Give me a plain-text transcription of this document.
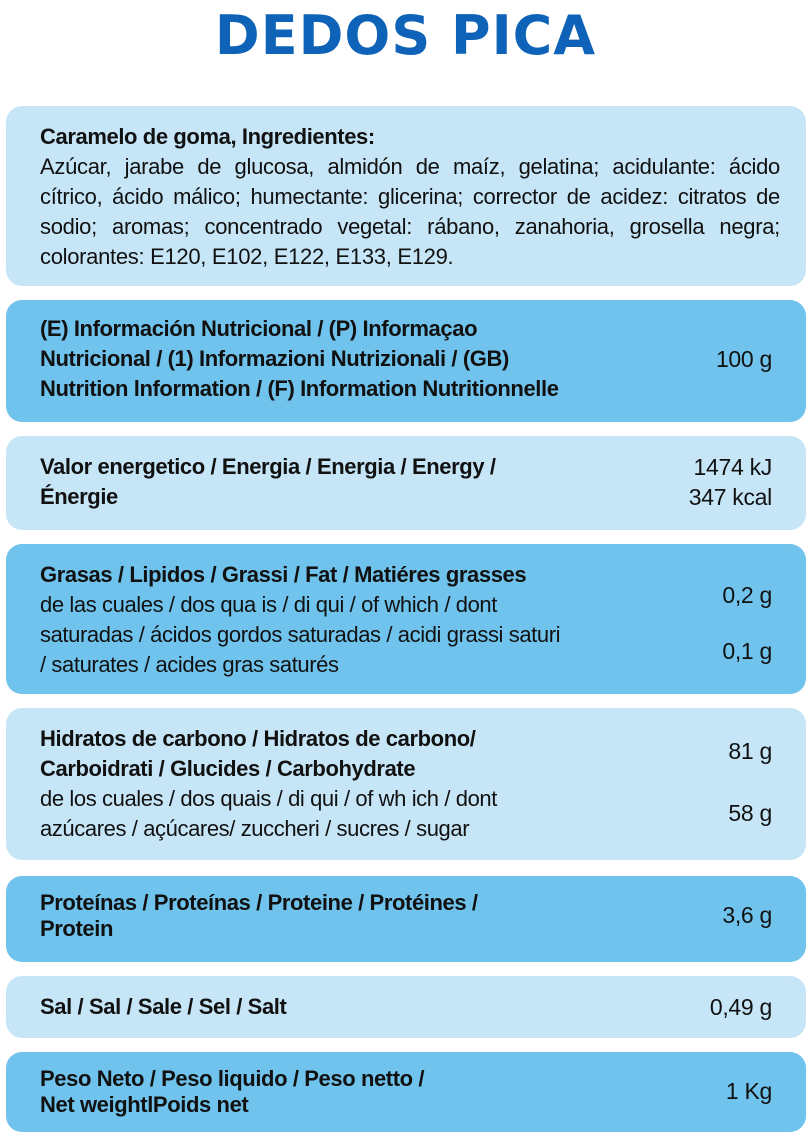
DEDOS PICA
Caramelo de goma, Ingredientes:
Azúcar, jarabe de glucosa, almidón de maíz, gelatina; acidulante: ácido cítrico, ácido málico; humectante: glicerina; corrector de acidez: citratos de sodio; aromas; concentrado vegetal: rábano, zanahoria, grosella negra; colorantes: E120, E102, E122, E133, E129.
(E) Información Nutricional / (P) Informaçao
Nutricional / (1) Informazioni Nutrizionali / (GB)
Nutrition lnformation / (F) Information Nutritionnelle
100 g
Valor energetico / Energia / Energia / Energy /
Énergie
1474 kJ
347 kcal
Grasas / Lipidos / Grassi / Fat / Matiéres grasses
de las cuales / dos qua is / di qui / of which / dont
saturadas / ácidos gordos saturadas / acidi grassi saturi
/ saturates / acides gras saturés
0,2 g
0,1 g
Hidratos de carbono / Hidratos de carbono/
Carboidrati / Glucides / Carbohydrate
de los cuales / dos quais / di qui / of wh ich / dont
azúcares / açúcares/ zuccheri / sucres / sugar
81 g
58 g
Proteínas / Proteínas / Proteine / Protéines /
Protein
3,6 g
Sal / Sal / Sale / Sel / Salt	0,49 g
Peso Neto / Peso liquido / Peso netto /
Net weightlPoids net
1 Kg
